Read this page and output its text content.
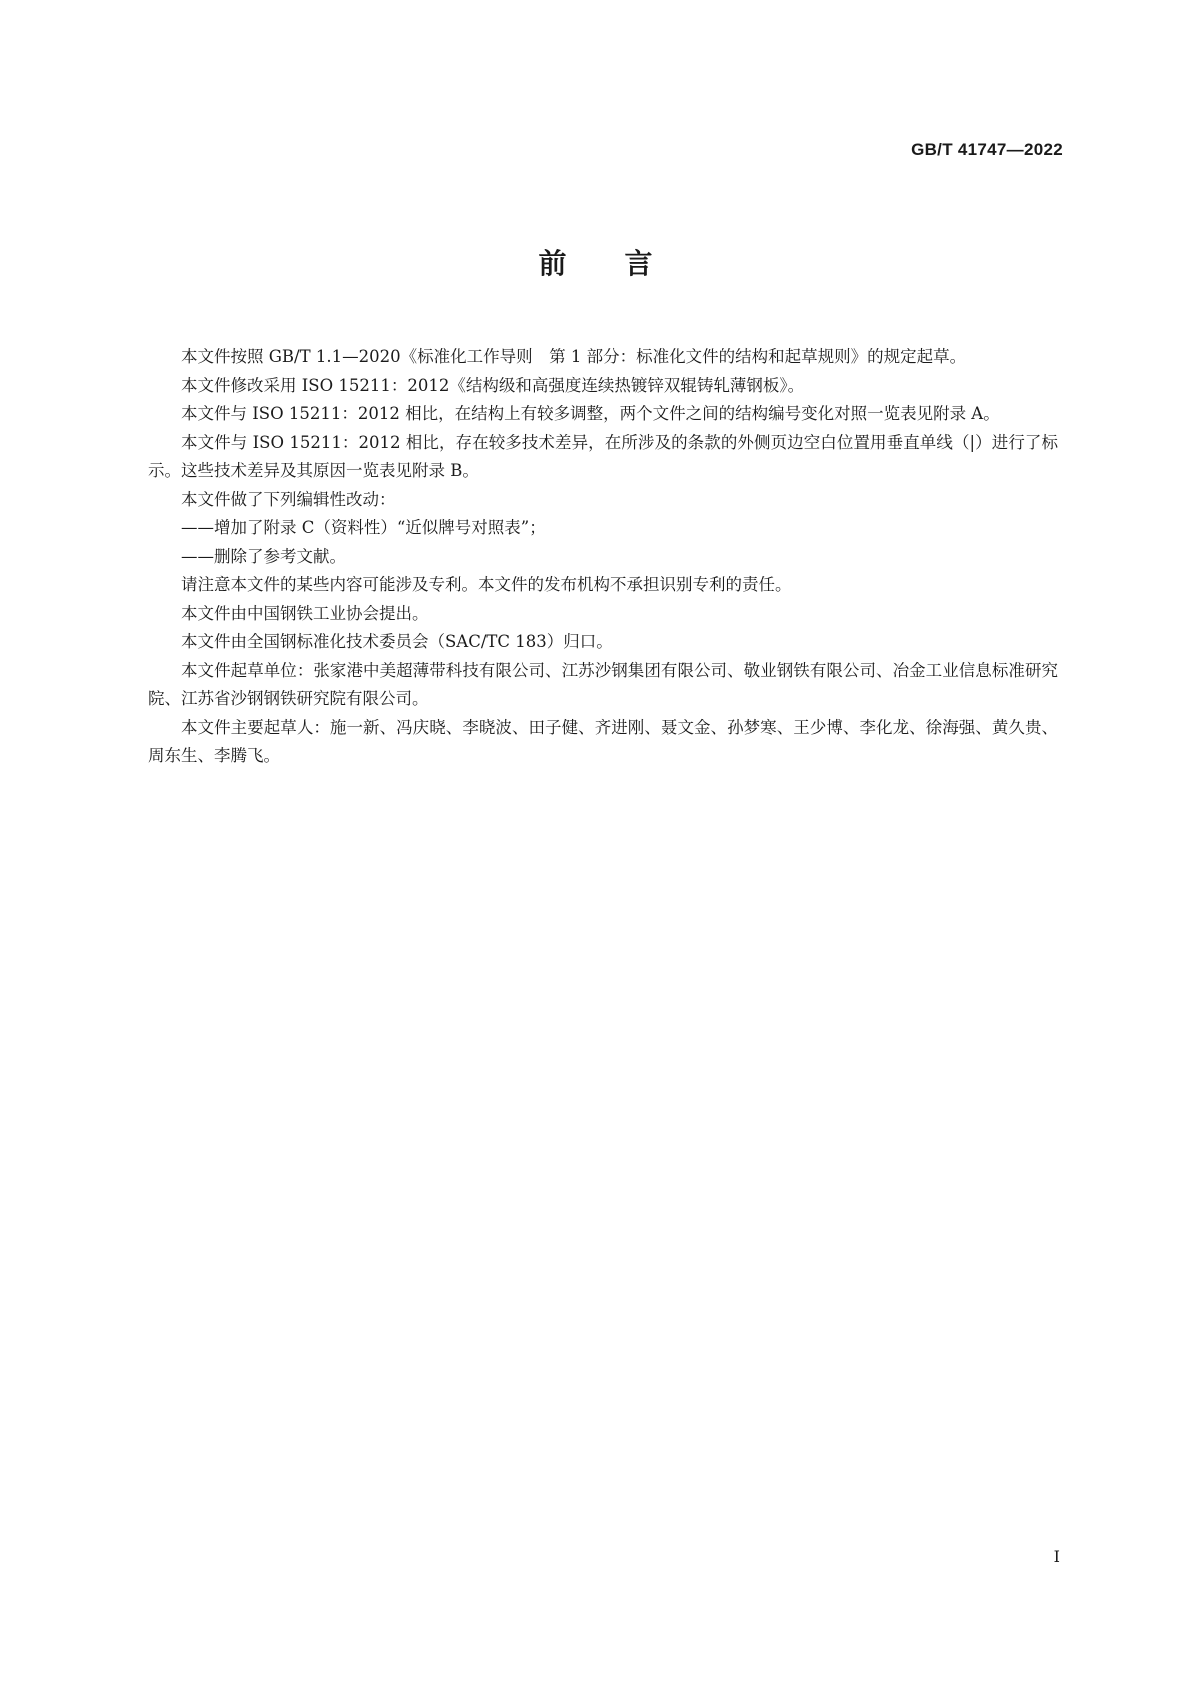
GB/T 41747—2022
前 言

本文件按照 GB/T 1.1—2020《标准化工作导则　第 1 部分：标准化文件的结构和起草规则》的规定起草。

本文件修改采用 ISO 15211：2012《结构级和高强度连续热镀锌双辊铸轧薄钢板》。

本文件与 ISO 15211：2012 相比，在结构上有较多调整，两个文件之间的结构编号变化对照一览表见附录 A。

本文件与 ISO 15211：2012 相比，存在较多技术差异，在所涉及的条款的外侧页边空白位置用垂直单线（|）进行了标示。这些技术差异及其原因一览表见附录 B。

本文件做了下列编辑性改动：

——增加了附录 C（资料性）“近似牌号对照表”；

——删除了参考文献。

请注意本文件的某些内容可能涉及专利。本文件的发布机构不承担识别专利的责任。

本文件由中国钢铁工业协会提出。

本文件由全国钢标准化技术委员会（SAC/TC 183）归口。

本文件起草单位：张家港中美超薄带科技有限公司、江苏沙钢集团有限公司、敬业钢铁有限公司、冶金工业信息标准研究院、江苏省沙钢钢铁研究院有限公司。

本文件主要起草人：施一新、冯庆晓、李晓波、田子健、齐进刚、聂文金、孙梦寒、王少博、李化龙、徐海强、黄久贵、周东生、李腾飞。

I
